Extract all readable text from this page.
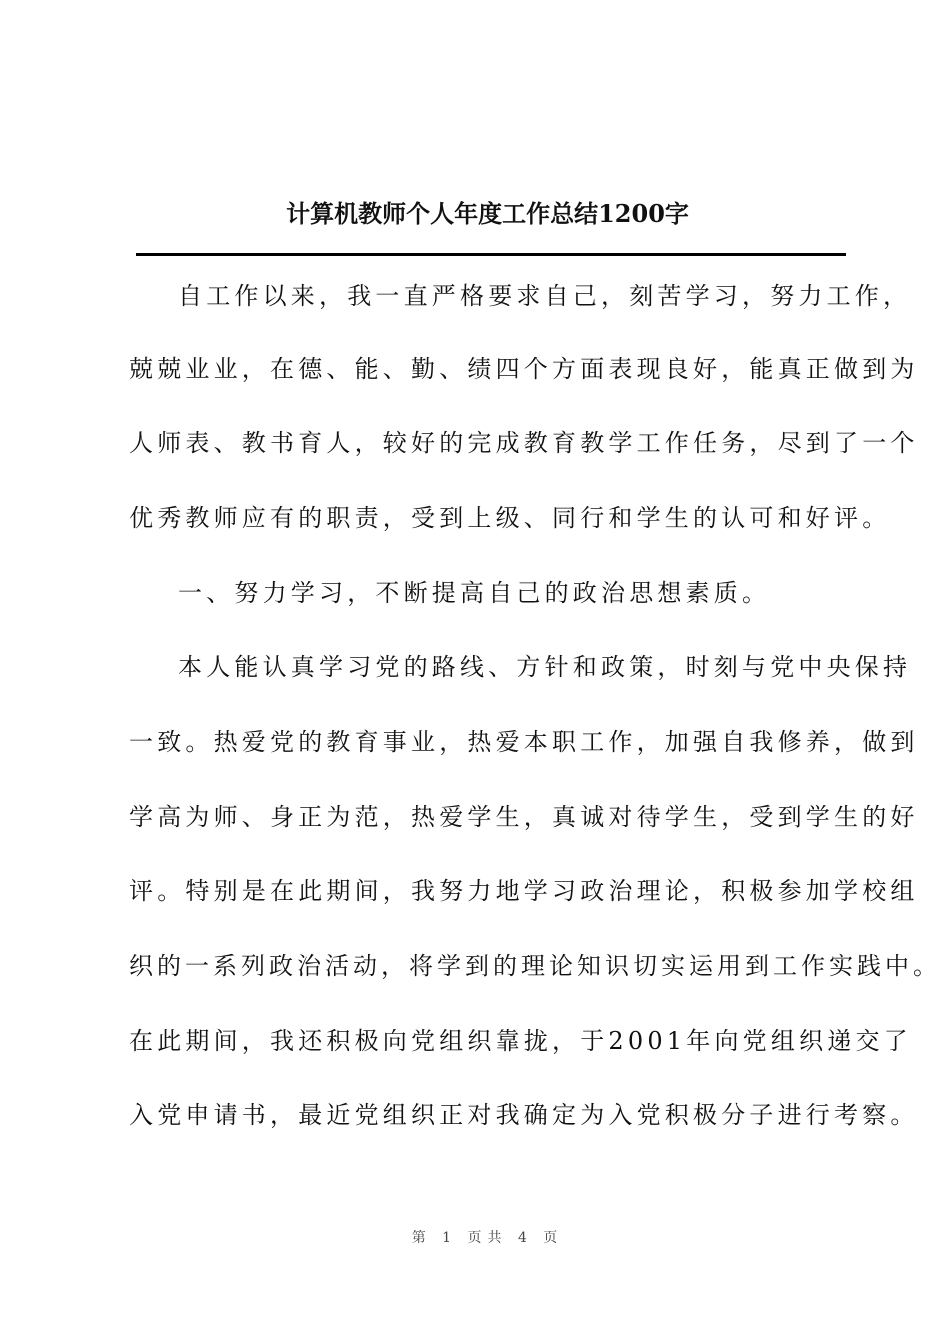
计算机教师个人年度工作总结1200字
自工作以来，我一直严格要求自己，刻苦学习，努力工作，
兢兢业业，在德、能、勤、绩四个方面表现良好，能真正做到为
人师表、教书育人，较好的完成教育教学工作任务，尽到了一个
优秀教师应有的职责，受到上级、同行和学生的认可和好评。
一、努力学习，不断提高自己的政治思想素质。
本人能认真学习党的路线、方针和政策，时刻与党中央保持
一致。热爱党的教育事业，热爱本职工作，加强自我修养，做到
学高为师、身正为范，热爱学生，真诚对待学生，受到学生的好
评。特别是在此期间，我努力地学习政治理论，积极参加学校组
织的一系列政治活动，将学到的理论知识切实运用到工作实践中。
在此期间，我还积极向党组织靠拢，于2001年向党组织递交了
入党申请书，最近党组织正对我确定为入党积极分子进行考察。
第 1 页共 4 页
